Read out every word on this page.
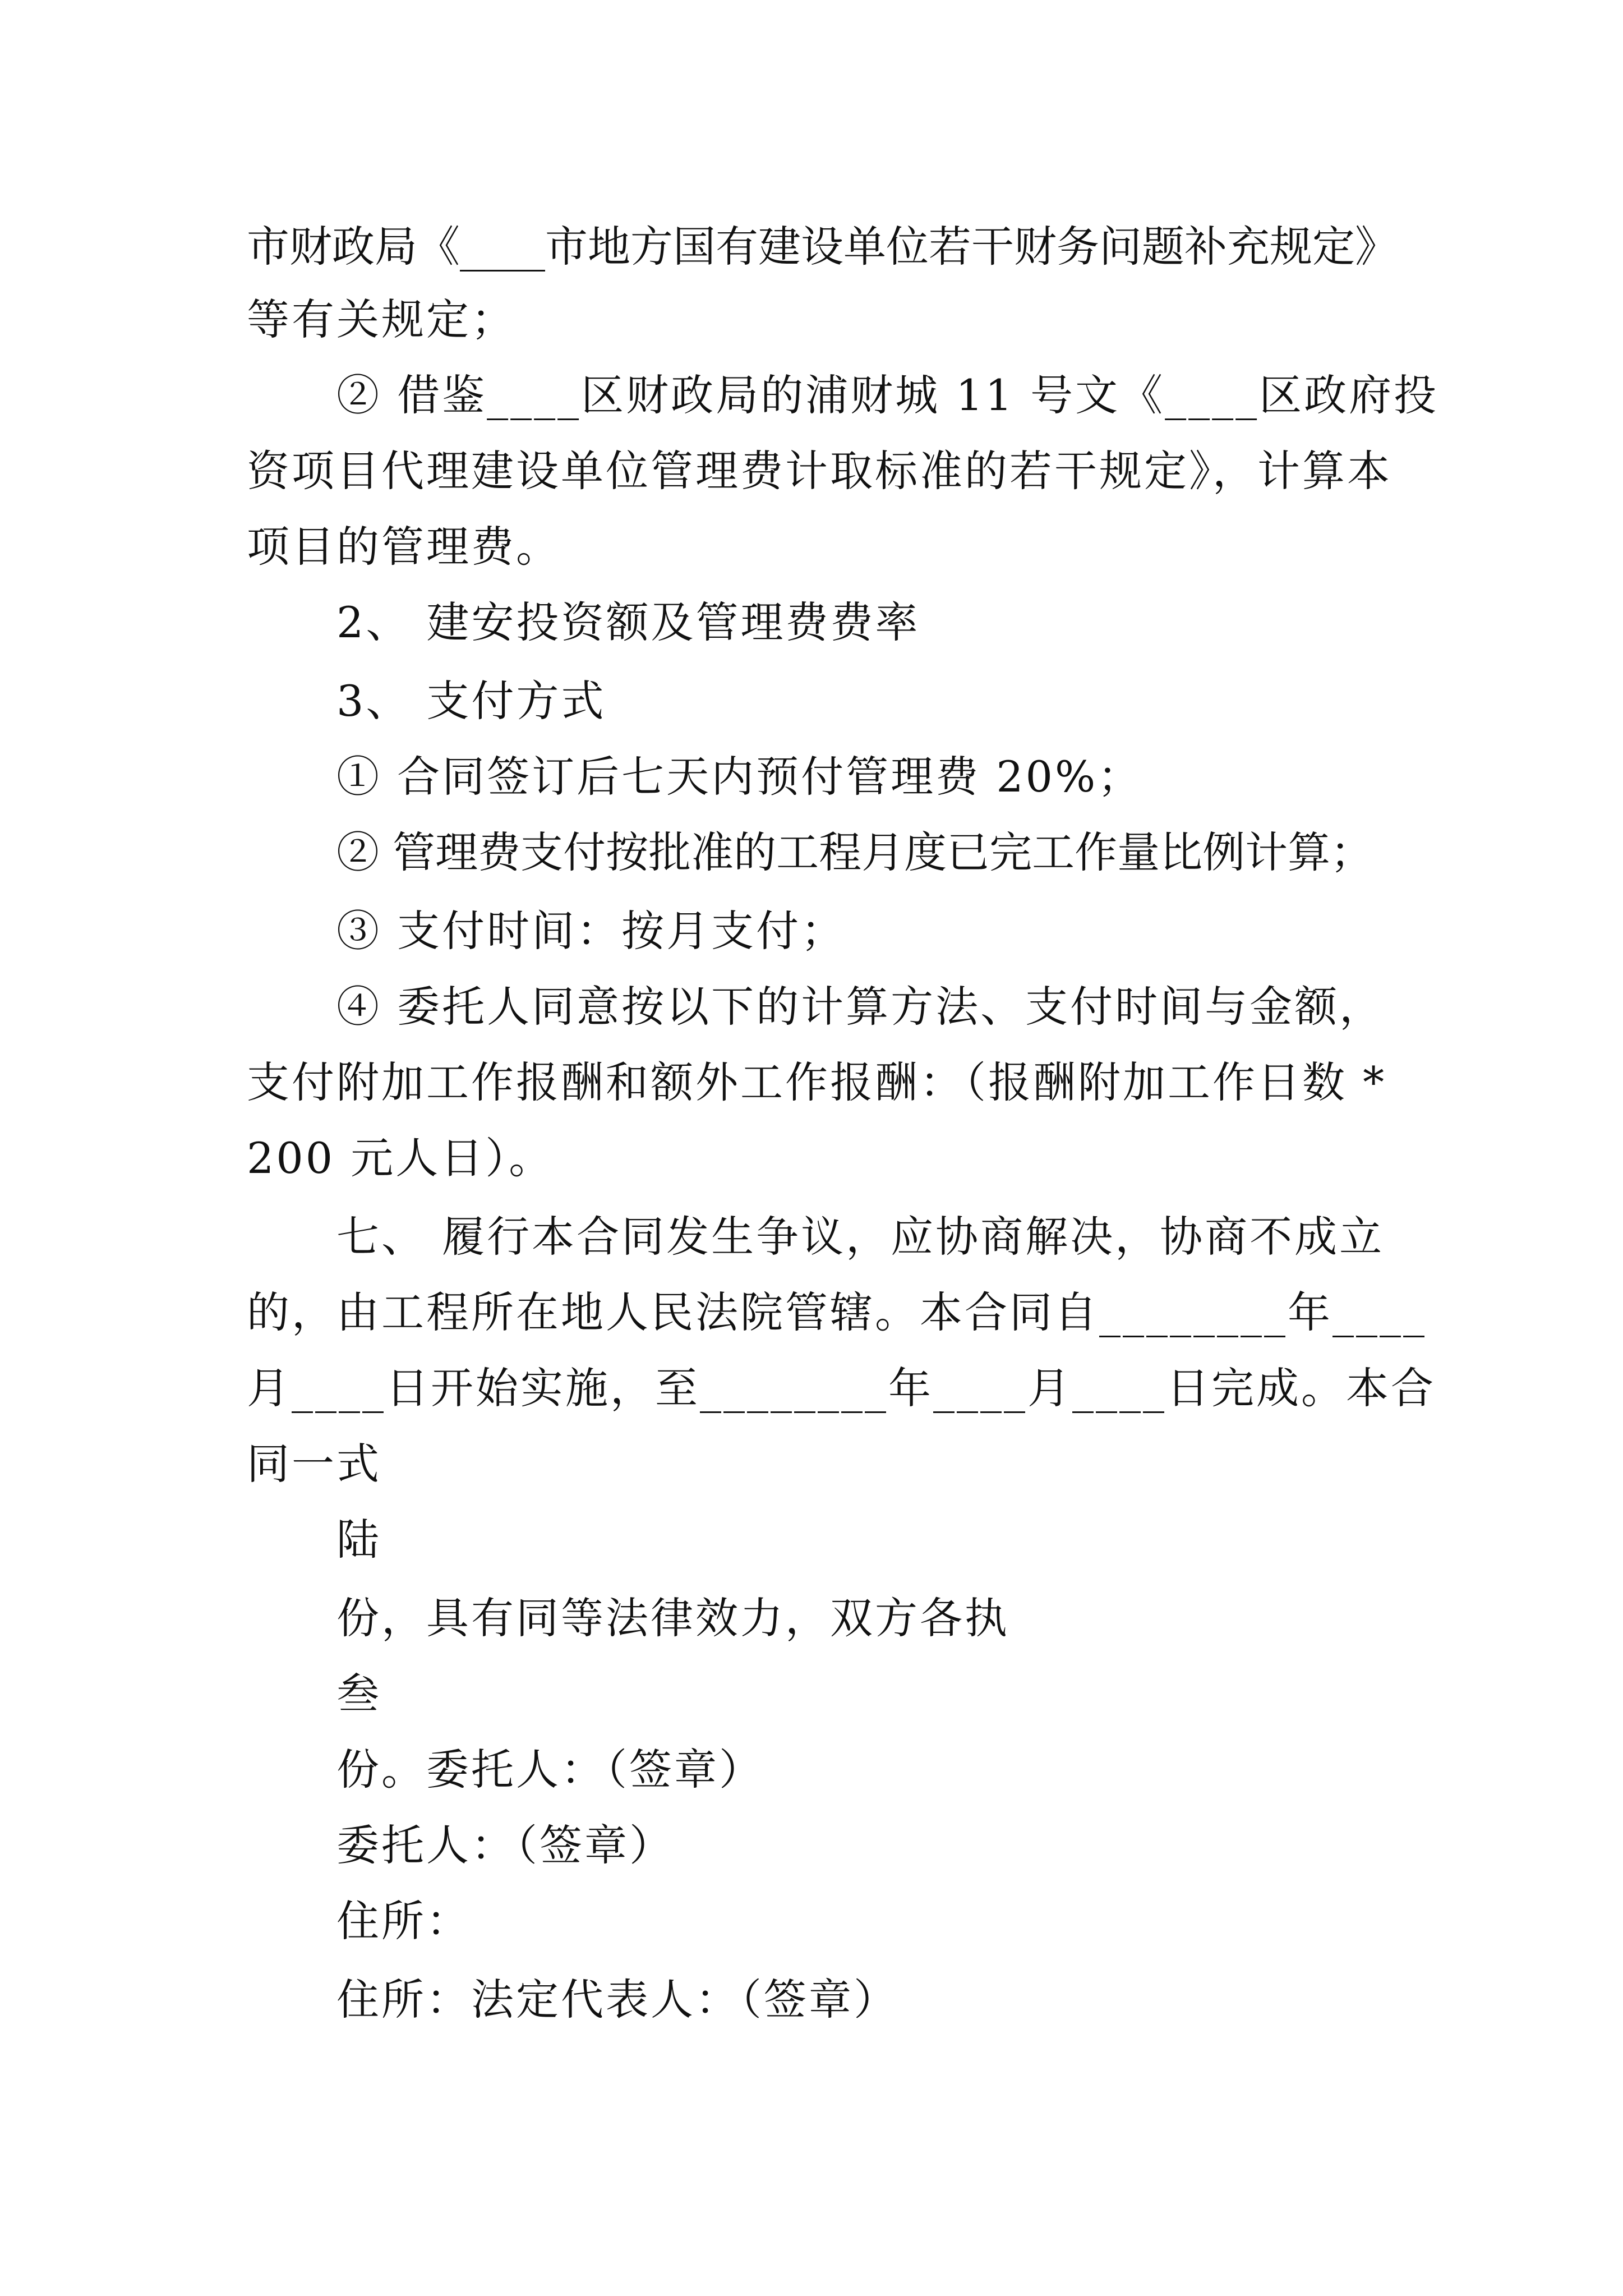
市财政局《____市地方国有建设单位若干财务问题补充规定》
等有关规定；
② 借鉴____区财政局的浦财城 11 号文《____区政府投
资项目代理建设单位管理费计取标准的若干规定》，计算本
项目的管理费。
2、 建安投资额及管理费费率
3、 支付方式
① 合同签订后七天内预付管理费 20%；
② 管理费支付按批准的工程月度已完工作量比例计算；
③ 支付时间：按月支付；
④ 委托人同意按以下的计算方法、支付时间与金额，
支付附加工作报酬和额外工作报酬：（报酬附加工作日数 *
200 元人日）。
七、 履行本合同发生争议，应协商解决，协商不成立
的，由工程所在地人民法院管辖。本合同自________年____
月____日开始实施，至________年____月____日完成。本合
同一式
陆
份，具有同等法律效力，双方各执
叁
份。委托人：（签章）
委托人：（签章）
住所：
住所：法定代表人：（签章）
